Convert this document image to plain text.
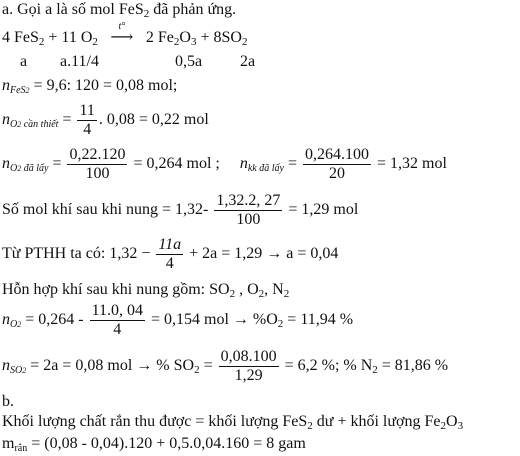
a. Gọi a là số mol FeS$_2$ đã phản ứng.
4 FeS$_2$ + 11 $O_2$
t°
⟶ 2 $Fe_2O_3 + 8SO_2$
a a.11/4	0,5a 2a
$n_{FeS2} = 9,6$: 120 = 0,08 mol;
$n_{O2 cần thiết} = \frac{11}{4}$ . 0,08 = 0,22 mol
$n_{O2 đã lấy} = \frac{0,22.120}{100} = 0,264$ mol ; $n_{kk đã lấy} = \frac{0,264.100}{20} = 1,32$ mol
Số mol khí sau khi nung = $1,32- \frac{1,32.2, 27}{100} = 1,29$ mol
Từ PTHH ta có: $1,32 - \frac{11a}{4} + 2a = 1,29 \to a = 0,04$
Hỗn hợp khí sau khi nung gồm: $SO_2$ , $O_2$, $N_2$
$n_{O2} = 0,264 - \frac{11.0, 04}{4} = 0,154$ mol → $\%O_2 = 11,94$ %
$n_{SO2} = 2a = 0,08$ mol → % $SO_2 = \frac{0,08.100}{1,29} = 6,2$ %; % $N_2 = 81,86$ %
b.
Khối lượng chất rắn thu được = khối lượng FeS$_2$ dư + khối lượng $Fe_2O_3$
$m_{rắn} = (0,08 - 0,04).120 + 0,5.0,04.160 = 8$ gam
